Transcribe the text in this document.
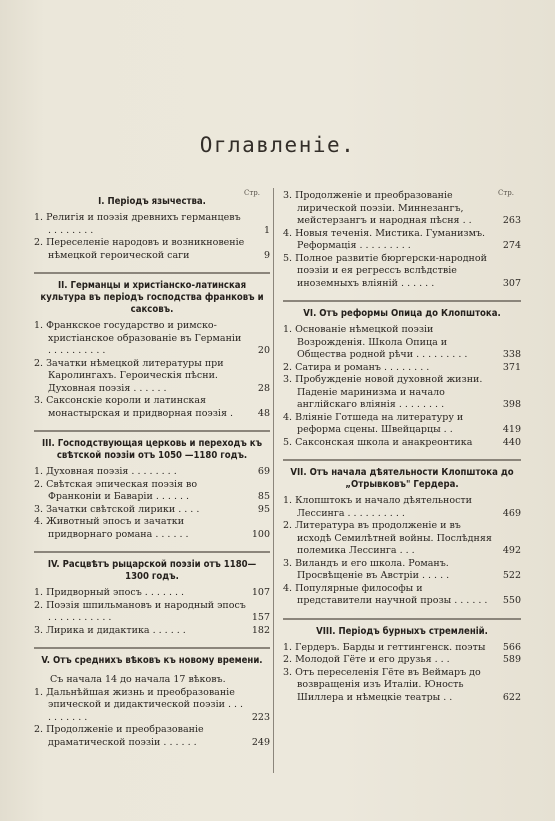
Оглавленіе.
Стр.	Стр.
I. Періодъ язычества.
1. Религія и поэзія древнихъ германцевъ . . . . . . . .	1
2. Переселеніе народовъ и возникновеніе нѣмецкой героической саги	9
II. Германцы и христіанско-латинская культура въ періодъ господства франковъ и саксовъ.
1. Франкское государство и римско-христіанское образованіе въ Германіи . . . . . . . . . .	20
2. Зачатки нѣмецкой литературы при Каролингахъ. Героическія пѣсни. Духовная поэзія . . . . . .	28
3. Саксонскіе короли и латинская монастырская и придворная поэзія .	48
III. Господствующая церковь и переходъ къ свѣтской поэзіи отъ 1050 —1180 годъ.
1. Духовная поэзія . . . . . . . .	69
2. Свѣтская эпическая поэзія во Франконіи и Баваріи . . . . . .	85
3. Зачатки свѣтской лирики . . . .	95
4. Животный эпосъ и зачатки придворнаго романа . . . . . .	100
IV. Расцвѣтъ рыцарской поэзіи отъ 1180—1300 годъ.
1. Придворный эпосъ . . . . . . .	107
2. Поэзія шпильмановъ и народный эпосъ . . . . . . . . . . .	157
3. Лирика и дидактика . . . . . .	182
V. Отъ среднихъ вѣковъ къ новому времени.
Съ начала 14 до начала 17 вѣковъ.
1. Дальнѣйшая жизнь и преобразованіе эпической и дидактической поэзіи . . . . . . . . . .	223
2. Продолженіе и преобразованіе драматической поэзіи . . . . . .	249
3. Продолженіе и преобразованіе лирической поэзіи. Миннезангъ, мейстерзангъ и народная пѣсня . .	263
4. Новыя теченія. Мистика. Гуманизмъ. Реформація . . . . . . . . .	274
5. Полное развитіе бюргерски-народной поэзіи и ея регрессъ вслѣдствіе иноземныхъ вліяній . . . . . .	307
VI. Отъ реформы Опица до Клопштока.
1. Основаніе нѣмецкой поэзіи Возрожденія. Школа Опица и Общества родной рѣчи . . . . . . . . .	338
2. Сатира и романъ . . . . . . . .	371
3. Пробужденіе новой духовной жизни. Паденіе маринизма и начало англійскаго вліянія . . . . . . . .	398
4. Вліяніе Готшеда на литературу и реформа сцены. Швейцарцы . .	419
5. Саксонская школа и анакреонтика	440
VII. Отъ начала дѣятельности Клопштока до „Отрывковъ" Гердера.
1. Клопштокъ и начало дѣятельности Лессинга . . . . . . . . . .	469
2. Литература въ продолженіе и въ исходѣ Семилѣтней войны. Послѣдняя полемика Лессинга . . .	492
3. Виландъ и его школа. Романъ. Просвѣщеніе въ Австріи . . . . .	522
4. Популярные философы и представители научной прозы . . . . . .	550
VIII. Періодъ бурныхъ стремленій.
1. Гердеръ. Барды и геттингенск. поэты	566
2. Молодой Гёте и его друзья . . .	589
3. Отъ переселенія Гёте въ Веймаръ до возвращенія изъ Италіи. Юность Шиллера и нѣмецкіе театры . .	622
